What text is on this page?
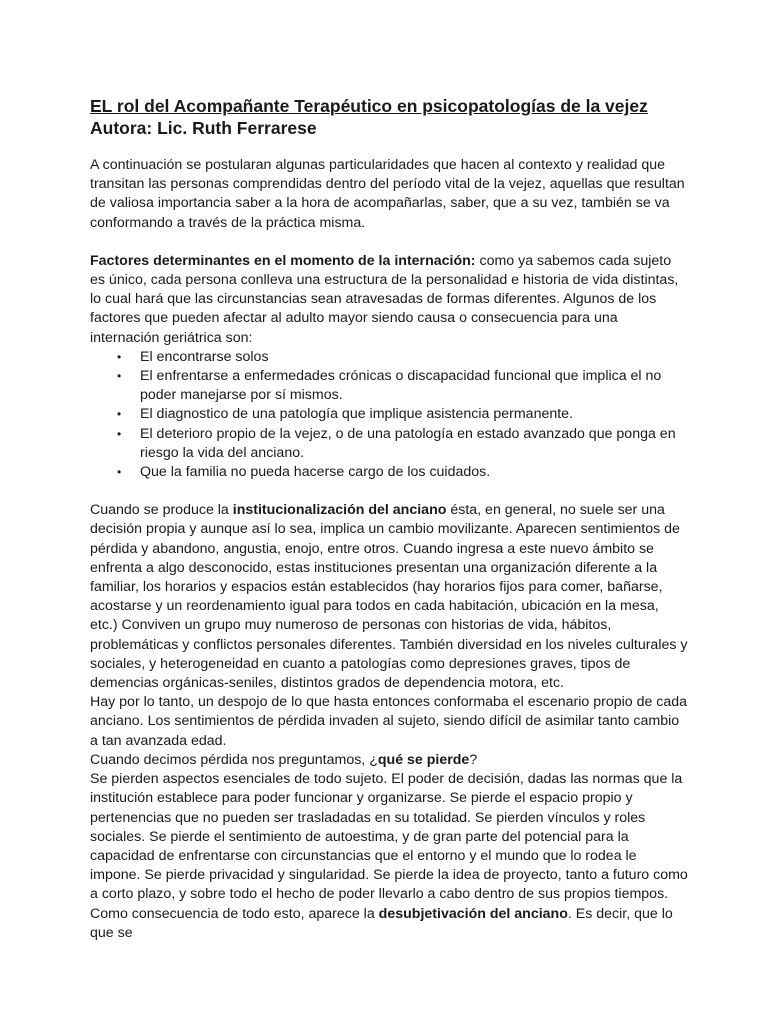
EL rol del Acompañante Terapéutico en psicopatologías de la vejez

Autora: Lic. Ruth Ferrarese

A continuación se postularan algunas particularidades que hacen al contexto y realidad que transitan las personas comprendidas dentro del período vital de la vejez, aquellas que resultan de valiosa importancia saber a la hora de acompañarlas, saber, que a su vez, también se va conformando a través de la práctica misma.

Factores determinantes en el momento de la internación: como ya sabemos cada sujeto es único, cada persona conlleva una estructura de la personalidad e historia de vida distintas, lo cual hará que las circunstancias sean atravesadas de formas diferentes. Algunos de los factores que pueden afectar al adulto mayor siendo causa o consecuencia para una internación geriátrica son:

• El encontrarse solos
• El enfrentarse a enfermedades crónicas o discapacidad funcional que implica el no poder manejarse por sí mismos.
• El diagnostico de una patología que implique asistencia permanente.
• El deterioro propio de la vejez, o de una patología en estado avanzado que ponga en riesgo la vida del anciano.
• Que la familia no pueda hacerse cargo de los cuidados.

Cuando se produce la institucionalización del anciano ésta, en general, no suele ser una decisión propia y aunque así lo sea, implica un cambio movilizante. Aparecen sentimientos de pérdida y abandono, angustia, enojo, entre otros. Cuando ingresa a este nuevo ámbito se enfrenta a algo desconocido, estas instituciones presentan una organización diferente a la familiar, los horarios y espacios están establecidos (hay horarios fijos para comer, bañarse, acostarse y un reordenamiento igual para todos en cada habitación, ubicación en la mesa, etc.) Conviven un grupo muy numeroso de personas con historias de vida, hábitos, problemáticas y conflictos personales diferentes. También diversidad en los niveles culturales y sociales, y heterogeneidad en cuanto a patologías como depresiones graves, tipos de demencias orgánicas-seniles, distintos grados de dependencia motora, etc.

Hay por lo tanto, un despojo de lo que hasta entonces conformaba el escenario propio de cada anciano. Los sentimientos de pérdida invaden al sujeto, siendo difícil de asimilar tanto cambio a tan avanzada edad.

Cuando decimos pérdida nos preguntamos, ¿qué se pierde?

Se pierden aspectos esenciales de todo sujeto. El poder de decisión, dadas las normas que la institución establece para poder funcionar y organizarse. Se pierde el espacio propio y pertenencias que no pueden ser trasladadas en su totalidad. Se pierden vínculos y roles sociales. Se pierde el sentimiento de autoestima, y de gran parte del potencial para la capacidad de enfrentarse con circunstancias que el entorno y el mundo que lo rodea le impone. Se pierde privacidad y singularidad. Se pierde la idea de proyecto, tanto a futuro como a corto plazo, y sobre todo el hecho de poder llevarlo a cabo dentro de sus propios tiempos. Como consecuencia de todo esto, aparece la desubjetivación del anciano. Es decir, que lo que se
